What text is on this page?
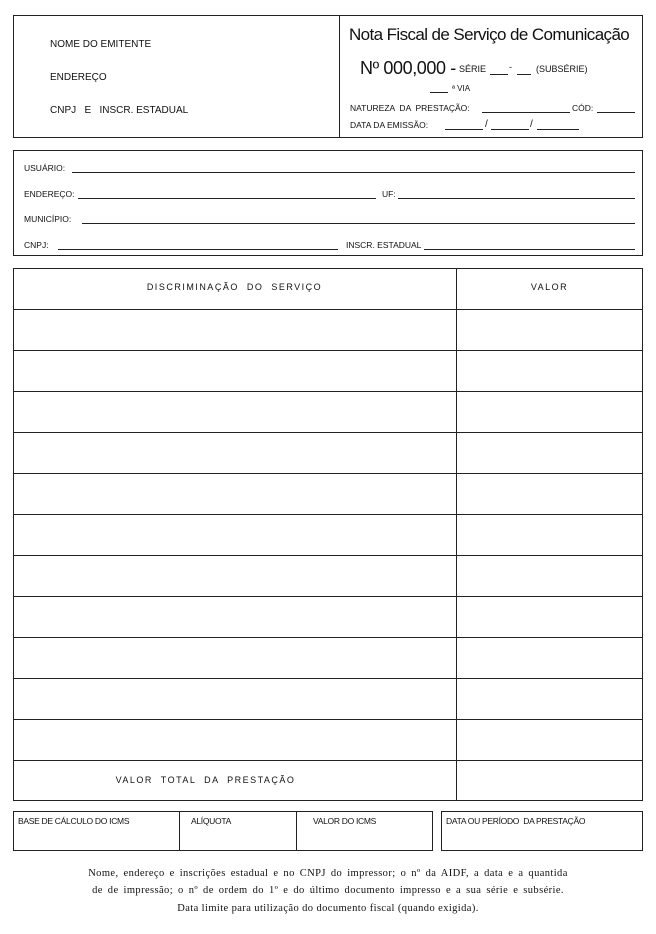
NOME DO EMITENTE
ENDEREÇO
CNPJ   E   INSCR. ESTADUAL
Nota Fiscal de Serviço de Comunicação
Nº 000,000 - SÉRIE	-	(SUBSÉRIE)
ª VIA
NATUREZA  DA  PRESTAÇÃO:	CÓD:
DATA DA EMISSÃO:	/	/
USUÁRIO:
ENDEREÇO:	UF:
MUNICÍPIO:
CNPJ:	INSCR. ESTADUAL
DISCRIMINAÇÃO  DO  SERVIÇO	VALOR
VALOR  TOTAL  DA  PRESTAÇÃO
BASE DE CÁLCULO DO ICMS	ALÍQUOTA	VALOR DO ICMS	DATA OU PERÍODO  DA PRESTAÇÃO
Nome, endereço e inscrições estadual e no CNPJ do impressor; o nº da AIDF, a data e a quantida
de de impressão; o nº de ordem do 1º e do último documento impresso e a sua série e subsérie.
Data limite para utilização do documento fiscal (quando exigida).
